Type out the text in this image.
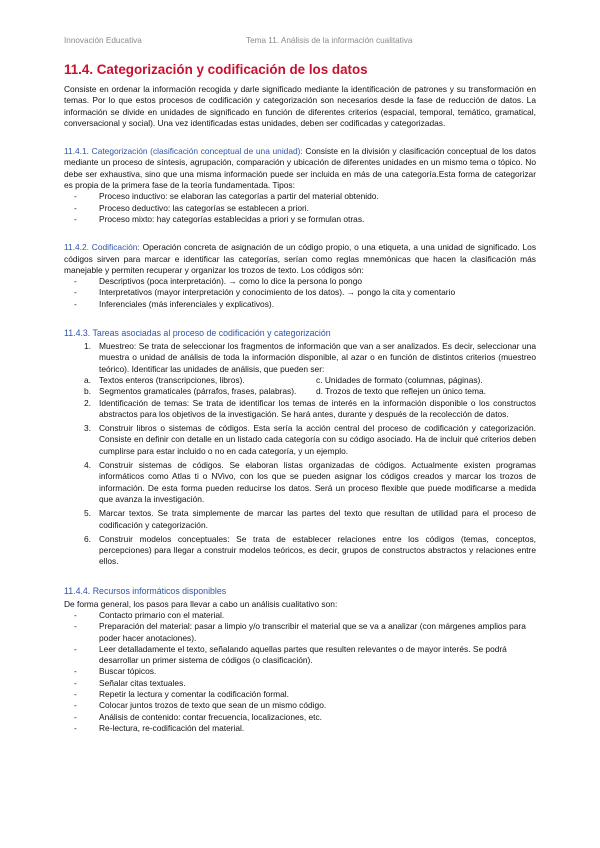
Innovación Educativa	Tema 11. Análisis de la información cualitativa
11.4. Categorización y codificación de los datos

Consiste en ordenar la información recogida y darle significado mediante la identificación de patrones y su transformación en temas. Por lo que estos procesos de codificación y categorización son necesarios desde la fase de reducción de datos. La información se divide en unidades de significado en función de diferentes criterios (espacial, temporal, temático, gramatical, conversacional y social). Una vez identificadas estas unidades, deben ser codificadas y categorizadas.

11.4.1. Categorización (clasificación conceptual de una unidad): Consiste en la división y clasificación conceptual de los datos mediante un proceso de síntesis, agrupación, comparación y ubicación de diferentes unidades en un mismo tema o tópico. No debe ser exhaustiva, sino que una misma información puede ser incluida en más de una categoría.Esta forma de categorizar es propia de la primera fase de la teoría fundamentada. Tipos:

- Proceso inductivo: se elaboran las categorías a partir del material obtenido.
- Proceso deductivo: las categorías se establecen a priori.
- Proceso mixto: hay categorías establecidas a priori y se formulan otras.

11.4.2. Codificación: Operación concreta de asignación de un código propio, o una etiqueta, a una unidad de significado. Los códigos sirven para marcar e identificar las categorías, serían como reglas mnemónicas que hacen la clasificación más manejable y permiten recuperar y organizar los trozos de texto. Los códigos són:

- Descriptivos (poca interpretación). → como lo dice la persona lo pongo
- Interpretativos (mayor interpretación y conocimiento de los datos). → pongo la cita y comentario
- Inferenciales (más inferenciales y explicativos).
11.4.3. Tareas asociadas al proceso de codificación y categorización
1. Muestreo: Se trata de seleccionar los fragmentos de información que van a ser analizados. Es decir, seleccionar una muestra o unidad de análisis de toda la información disponible, al azar o en función de distintos criterios (muestreo teórico). Identificar las unidades de análisis, que pueden ser:
a. Textos enteros (transcripciones, libros).	c. Unidades de formato (columnas, páginas).
b. Segmentos gramaticales (párrafos, frases, palabras). d. Trozos de texto que reflejen un único tema.
2. Identificación de temas: Se trata de identificar los temas de interés en la información disponible o los constructos abstractos para los objetivos de la investigación. Se hará antes, durante y después de la recolección de datos.
3. Construir libros o sistemas de códigos. Esta sería la acción central del proceso de codificación y categorización. Consiste en definir con detalle en un listado cada categoría con su código asociado. Ha de incluir qué criterios deben cumplirse para estar incluido o no en cada categoría, y un ejemplo.
4. Construir sistemas de códigos. Se elaboran listas organizadas de códigos. Actualmente existen programas informáticos como Atlas ti o NVivo, con los que se pueden asignar los códigos creados y marcar los trozos de información. De esta forma pueden reducirse los datos. Será un proceso flexible que puede modificarse a medida que avanza la investigación.
5. Marcar textos. Se trata simplemente de marcar las partes del texto que resultan de utilidad para el proceso de codificación y categorización.
6. Construir modelos conceptuales: Se trata de establecer relaciones entre los códigos (temas, conceptos, percepciones) para llegar a construir modelos teóricos, es decir, grupos de constructos abstractos y relaciones entre ellos.
11.4.4. Recursos informáticos disponibles

De forma general, los pasos para llevar a cabo un análisis cualitativo son:

- Contacto primario con el material.
- Preparación del material: pasar a limpio y/o transcribir el material que se va a analizar (con márgenes amplios para poder hacer anotaciones).
- Leer detalladamente el texto, señalando aquellas partes que resulten relevantes o de mayor interés. Se podrá desarrollar un primer sistema de códigos (o clasificación).
- Buscar tópicos.
- Señalar citas textuales.
- Repetir la lectura y comentar la codificación formal.
- Colocar juntos trozos de texto que sean de un mismo código.
- Análisis de contenido: contar frecuencia, localizaciones, etc.
- Re-lectura, re-codificación del material.
